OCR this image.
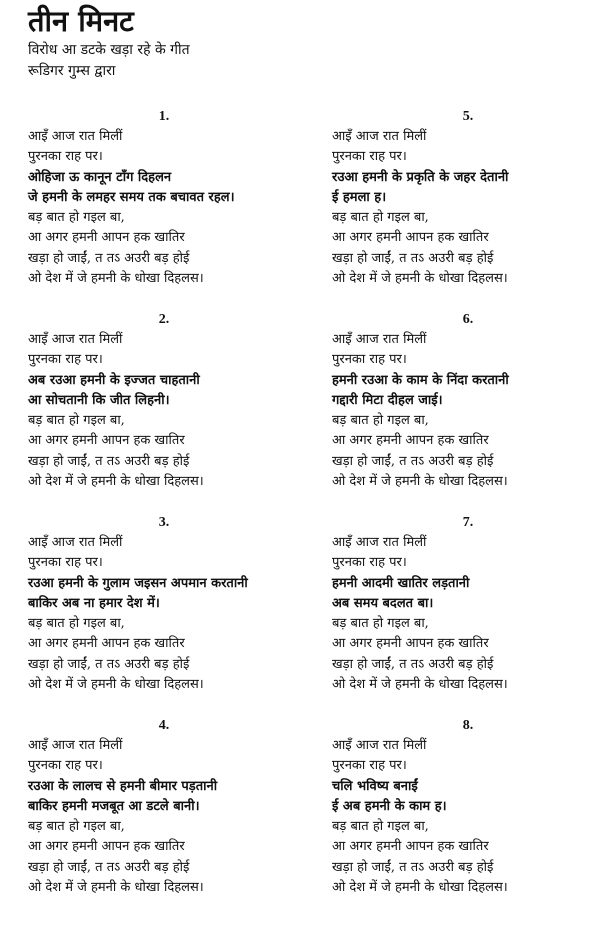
तीन मिनट
विरोध आ डटके खड़ा रहे के गीत
रूडिगर गुम्स द्वारा
1.
आइँ आज रात मिलीं
पुरनका राह पर।
ओहिजा ऊ कानून टाँग दिहलन
जे हमनी के लमहर समय तक बचावत रहल।
बड़ बात हो गइल बा,
आ अगर हमनी आपन हक खातिर
खड़ा हो जाईं, त तऽ अउरी बड़ होई
ओ देश में जे हमनी के धोखा दिहलस।
2.
आइँ आज रात मिलीं
पुरनका राह पर।
अब रउआ हमनी के इज्जत चाहतानी
आ सोचतानी कि जीत लिहनी।
बड़ बात हो गइल बा,
आ अगर हमनी आपन हक खातिर
खड़ा हो जाईं, त तऽ अउरी बड़ होई
ओ देश में जे हमनी के धोखा दिहलस।
3.
आइँ आज रात मिलीं
पुरनका राह पर।
रउआ हमनी के गुलाम जइसन अपमान करतानी
बाकिर अब ना हमार देश में।
बड़ बात हो गइल बा,
आ अगर हमनी आपन हक खातिर
खड़ा हो जाईं, त तऽ अउरी बड़ होई
ओ देश में जे हमनी के धोखा दिहलस।
4.
आइँ आज रात मिलीं
पुरनका राह पर।
रउआ के लालच से हमनी बीमार पड़तानी
बाकिर हमनी मजबूत आ डटले बानी।
बड़ बात हो गइल बा,
आ अगर हमनी आपन हक खातिर
खड़ा हो जाईं, त तऽ अउरी बड़ होई
ओ देश में जे हमनी के धोखा दिहलस।
5.
आइँ आज रात मिलीं
पुरनका राह पर।
रउआ हमनी के प्रकृति के जहर देतानी
ई हमला ह।
बड़ बात हो गइल बा,
आ अगर हमनी आपन हक खातिर
खड़ा हो जाईं, त तऽ अउरी बड़ होई
ओ देश में जे हमनी के धोखा दिहलस।
6.
आइँ आज रात मिलीं
पुरनका राह पर।
हमनी रउआ के काम के निंदा करतानी
गद्दारी मिटा दीहल जाई।
बड़ बात हो गइल बा,
आ अगर हमनी आपन हक खातिर
खड़ा हो जाईं, त तऽ अउरी बड़ होई
ओ देश में जे हमनी के धोखा दिहलस।
7.
आइँ आज रात मिलीं
पुरनका राह पर।
हमनी आदमी खातिर लड़तानी
अब समय बदलत बा।
बड़ बात हो गइल बा,
आ अगर हमनी आपन हक खातिर
खड़ा हो जाईं, त तऽ अउरी बड़ होई
ओ देश में जे हमनी के धोखा दिहलस।
8.
आइँ आज रात मिलीं
पुरनका राह पर।
चलि भविष्य बनाईं
ई अब हमनी के काम ह।
बड़ बात हो गइल बा,
आ अगर हमनी आपन हक खातिर
खड़ा हो जाईं, त तऽ अउरी बड़ होई
ओ देश में जे हमनी के धोखा दिहलस।
